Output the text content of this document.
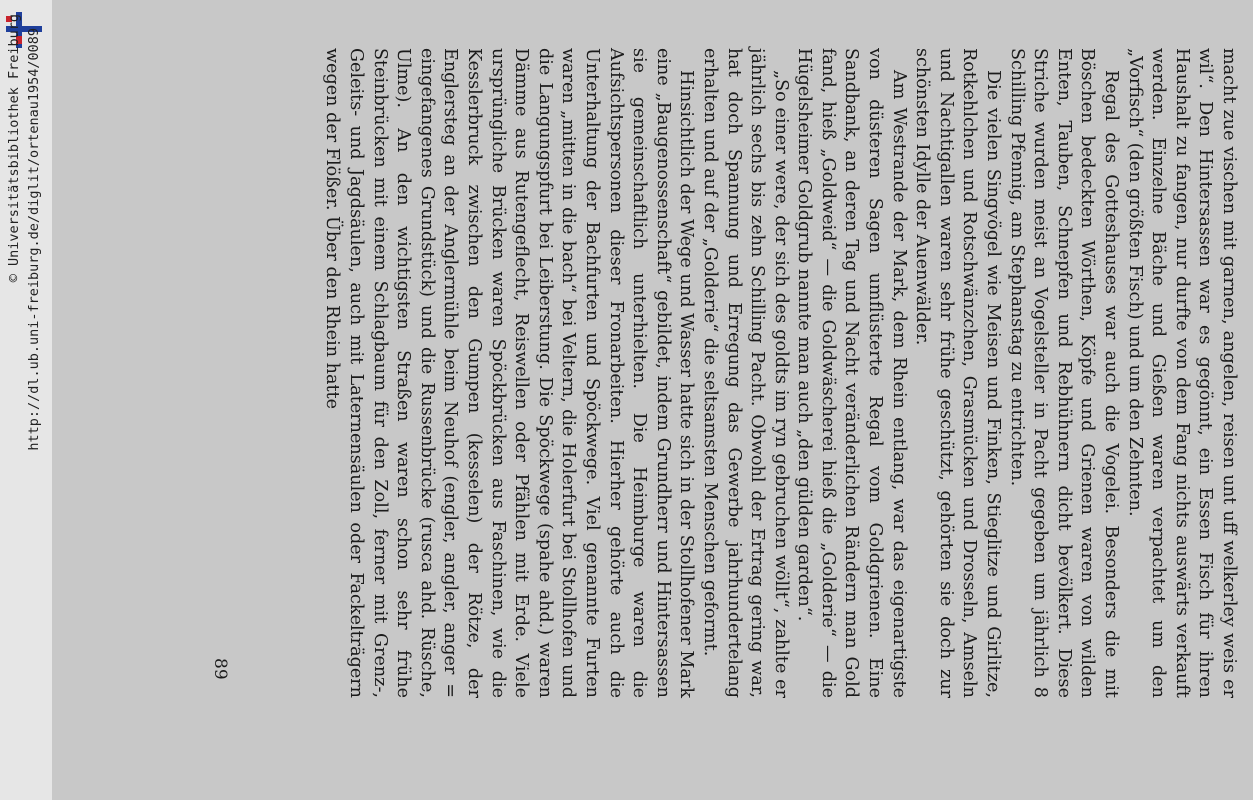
http://dl.ub.uni-freiburg.de/diglit/ortenau1954/0089
© Universitätsbibliothek Freiburg	macht zue vischen mit garnen, angelen, reisen unt uff welkerley weis er wil“. Den Hintersassen war es gegönnt, ein Essen Fisch für ihren Haushalt zu fangen, nur durfte von dem Fang nichts auswärts verkauft werden. Einzelne Bäche und Gießen waren verpachtet um den „Vorfisch“ (den größten Fisch) und um den Zehnten.

Regal des Gotteshauses war auch die Vogelei. Besonders die mit Böschen bedeckten Wörthen, Köpfe und Grienen waren von wilden Enten, Tauben, Schnepfen und Rebhühnern dicht bevölkert. Diese Striche wurden meist an Vogelsteller in Pacht gegeben um jährlich 8 Schilling Pfennig, am Stephanstag zu entrichten.

Die vielen Singvögel wie Meisen und Finken, Stieglitze und Girlitze, Rotkehlchen und Rotschwänzchen, Grasmücken und Drosseln, Amseln und Nachtigallen waren sehr frühe geschützt, gehörten sie doch zur schönsten Idylle der Auenwälder.

Am Westrande der Mark, dem Rhein entlang, war das eigenartigste von düsteren Sagen umflüsterte Regal vom Goldgrienen. Eine Sandbank, an deren Tag und Nacht veränderlichen Rändern man Gold fand, hieß „Goldweid“ — die Goldwäscherei hieß die „Golderie“ — die Hügelsheimer Goldgrub nannte man auch „den gülden garden“.

„So einer were, der sich des goldts im ryn gebruchen wöllt“, zahlte er jährlich sechs bis zehn Schilling Pacht. Obwohl der Ertrag gering war, hat doch Spannung und Erregung das Gewerbe jahrhundertelang erhalten und auf der „Golderie“ die seltsamsten Menschen geformt.

Hinsichtlich der Wege und Wasser hatte sich in der Stollhofener Mark eine „Baugenossenschaft“ gebildet, indem Grundherr und Hintersassen sie gemeinschaftlich unterhielten. Die Heimburge waren die Aufsichtspersonen dieser Fronarbeiten. Hierher gehörte auch die Unterhaltung der Bachfurten und Spöckwege. Viel genannte Furten waren „mitten in die bach“ bei Veltern, die Holerfurt bei Stollhofen und die Langungspfurt bei Leiberstung. Die Spöckwege (spahe ahd.) waren Dämme aus Rutengeflecht, Reiswellen oder Pfählen mit Erde. Viele ursprüngliche Brücken waren Spöckbrücken aus Faschinen, wie die Kesslerbruck zwischen den Gumpen (kesselen) der Rötze, der Englersteg an der Anglermühle beim Neuhof (engler, angler, anger = eingefangenes Grundstück) und die Russenbrücke (rusca ahd. Rüsche, Ulme). An den wichtigsten Straßen waren schon sehr frühe Steinbrücken mit einem Schlagbaum für den Zoll, ferner mit Grenz-, Geleits- und Jagdsäulen, auch mit Laternensäulen oder Fackelträgern wegen der Flößer. Über den Rhein hatte

89
